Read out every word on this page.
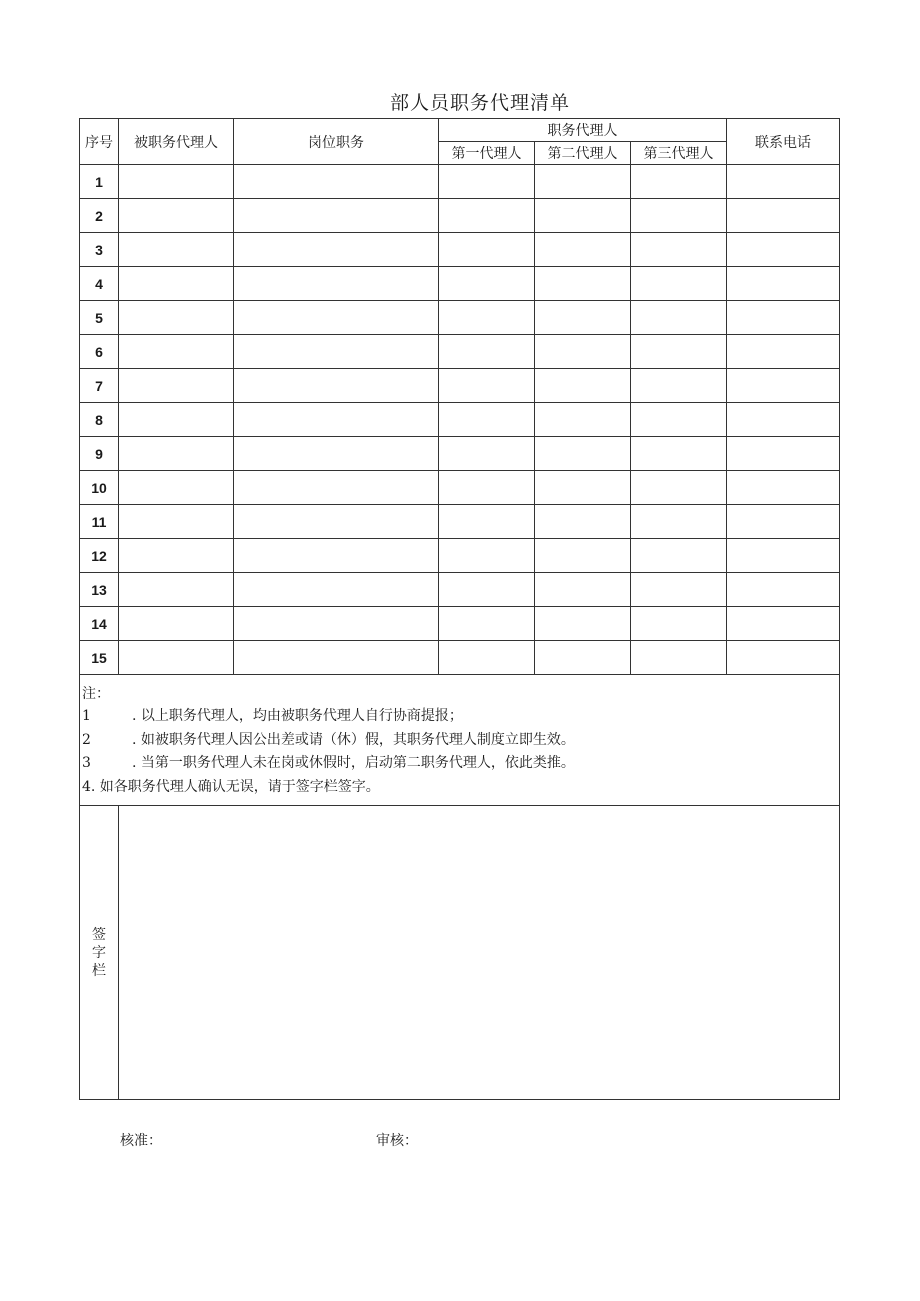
部人员职务代理清单
序号	被职务代理人	岗位职务	职务代理人			联系电话
			第一代理人	第二代理人	第三代理人	
1						
2						
3						
4						
5						
6						
7						
8						
9						
10						
11						
12						
13						
14						
15						

注：
1 . 以上职务代理人，均由被职务代理人自行协商提报；
2 . 如被职务代理人因公出差或请（休）假，其职务代理人制度立即生效。
3 . 当第一职务代理人未在岗或休假时，启动第二职务代理人，依此类推。
4. 如各职务代理人确认无误，请于签字栏签字。						

签字栏						
核准：	审核：
